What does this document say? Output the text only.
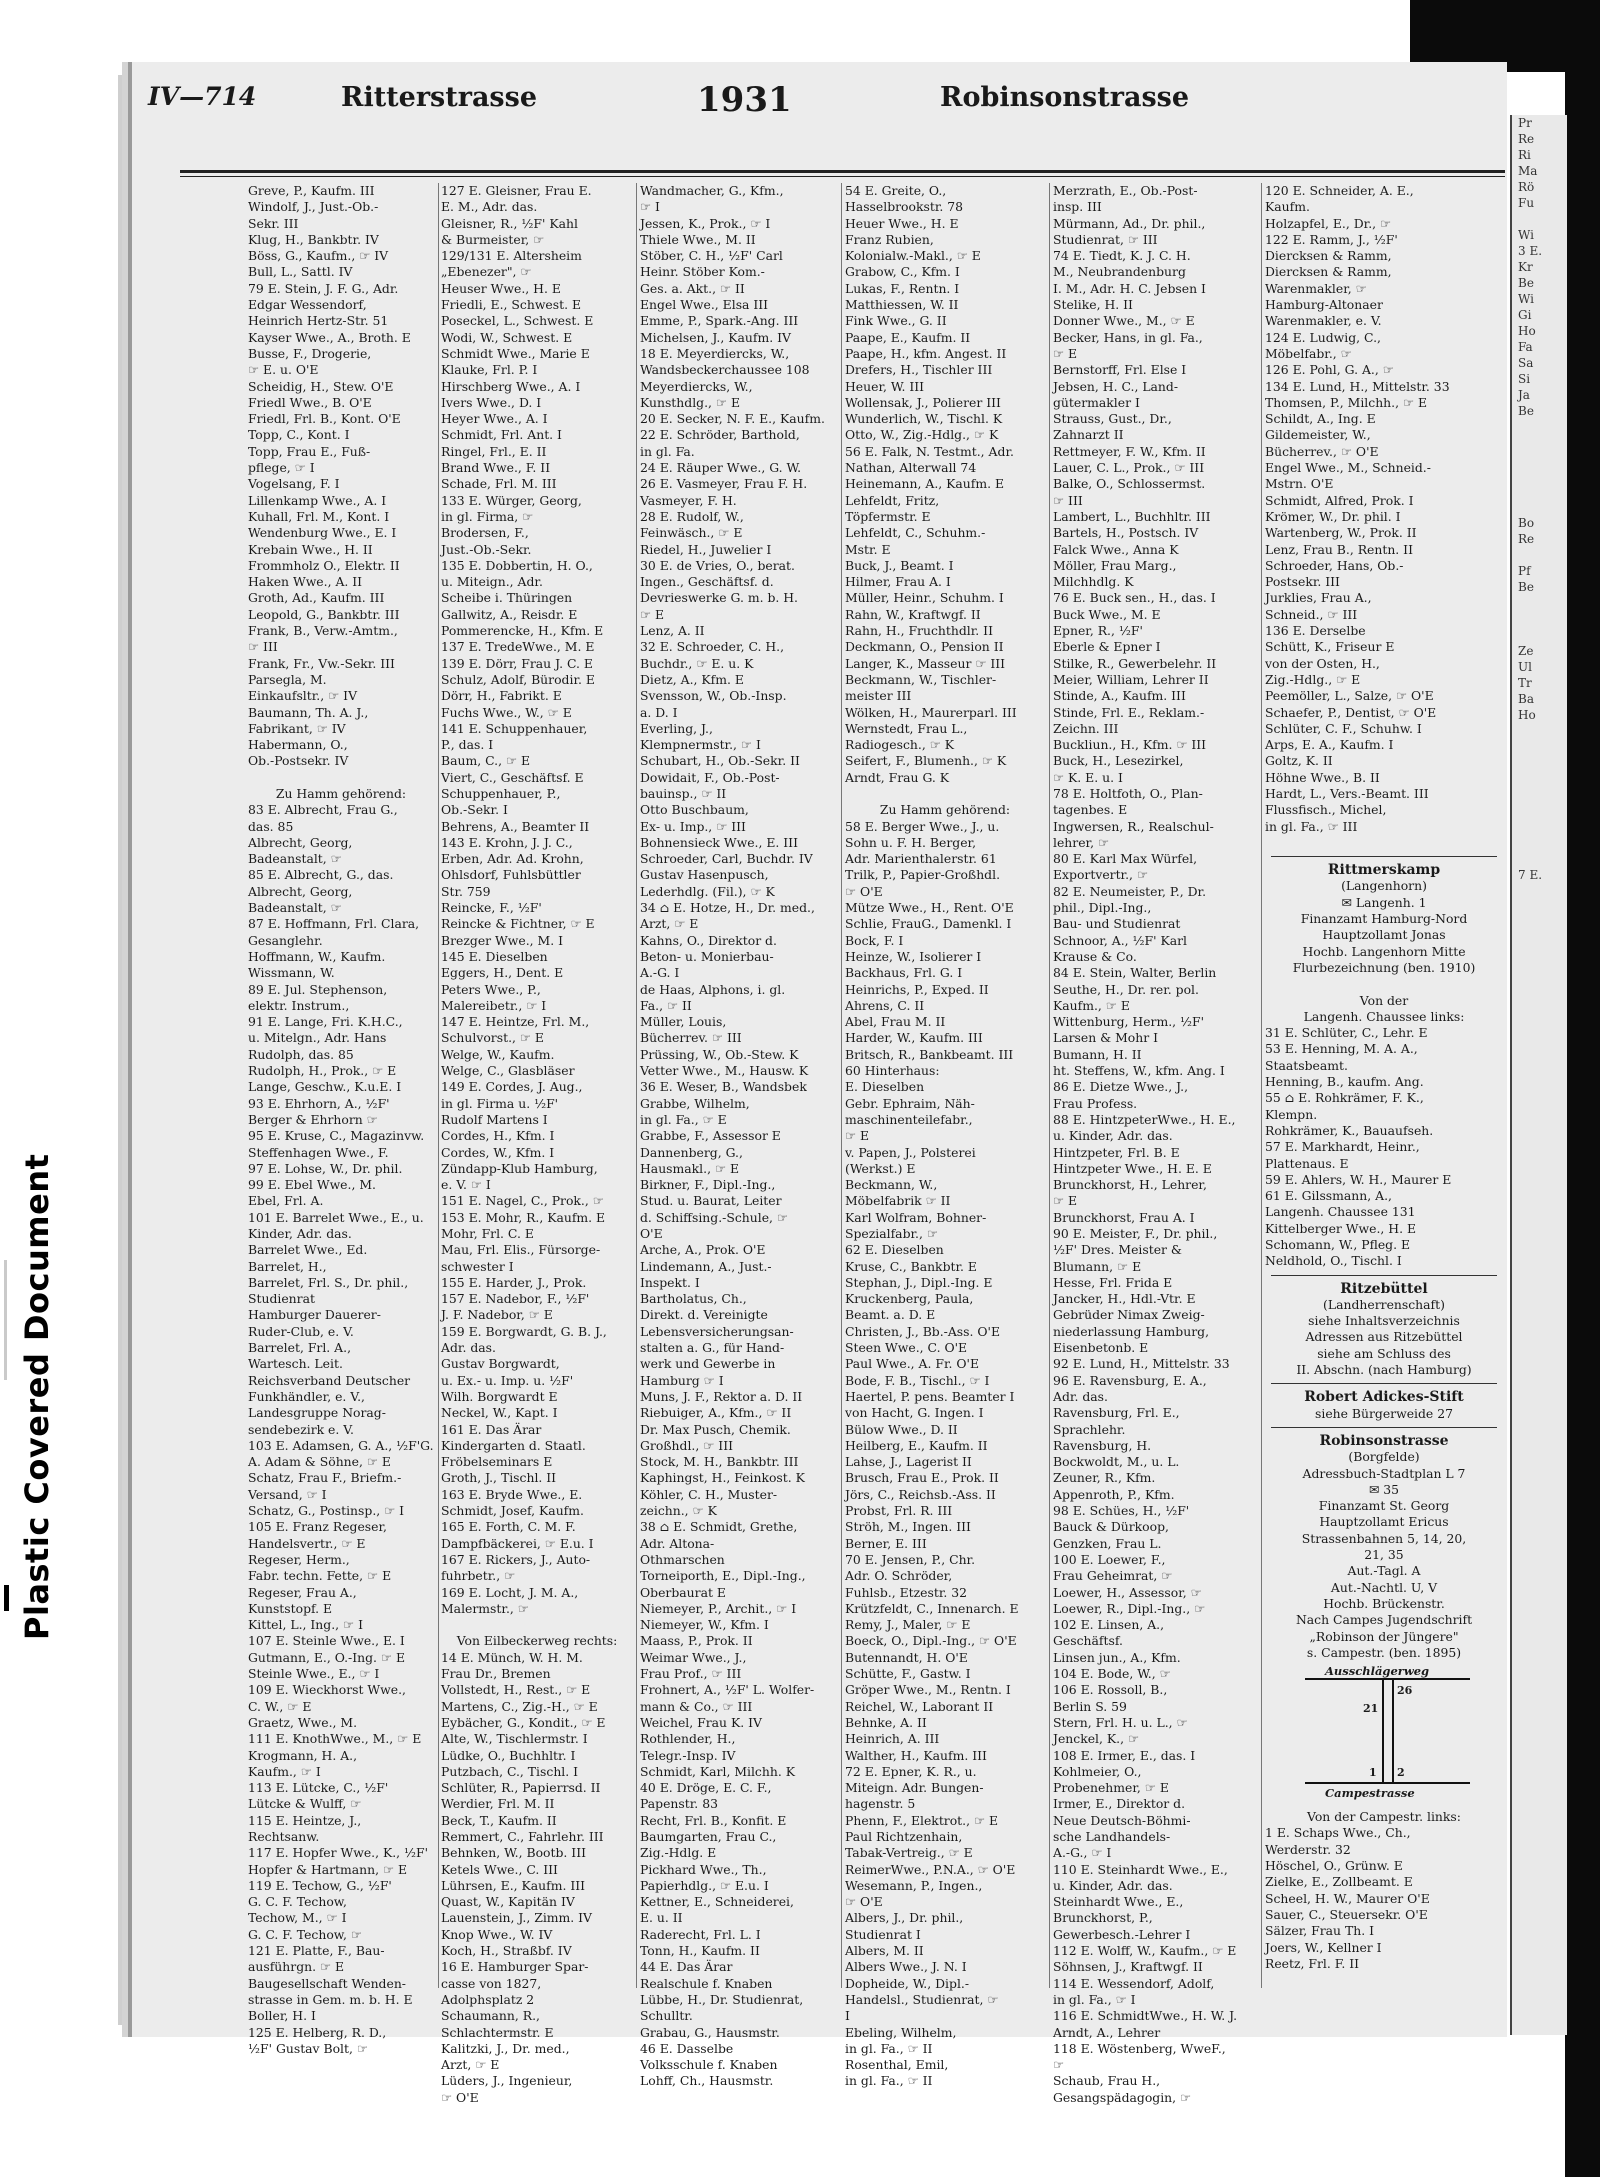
Plastic Covered Document
Pr
Re
Ri
Ma
Rö
Fu

Wi
3 E.
Kr
Be
Wi
Gi
Ho
Fa
Sa
Si
Ja
Be

Bo
Re

Pf
Be

Ze
Ul
Tr
Ba
Ho

7 E.
IV—714	Ritterstrasse	1931	Robinsonstrasse
Greve, P., Kaufm. III
Windolf, J., Just.-Ob.-
Sekr. III
Klug, H., Bankbtr. IV
Böss, G., Kaufm., ☞ IV
Bull, L., Sattl. IV
79 E. Stein, J. F. G., Adr.
Edgar Wessendorf,
Heinrich Hertz-Str. 51
Kayser Wwe., A., Broth. E
Busse, F., Drogerie,
☞ E. u. O'E
Scheidig, H., Stew. O'E
Friedl Wwe., B. O'E
Friedl, Frl. B., Kont. O'E
Topp, C., Kont. I
Topp, Frau E., Fuß-
pflege, ☞ I
Vogelsang, F. I
Lillenkamp Wwe., A. I
Kuhall, Frl. M., Kont. I
Wendenburg Wwe., E. I
Krebain Wwe., H. II
Frommholz O., Elektr. II
Haken Wwe., A. II
Groth, Ad., Kaufm. III
Leopold, G., Bankbtr. III
Frank, B., Verw.-Amtm.,
☞ III
Frank, Fr., Vw.-Sekr. III
Parsegla, M.
Einkaufsltr., ☞ IV
Baumann, Th. A. J.,
Fabrikant, ☞ IV
Habermann, O.,
Ob.-Postsekr. IV

Zu Hamm gehörend:
83 E. Albrecht, Frau G.,
das. 85
Albrecht, Georg,
Badeanstalt, ☞
85 E. Albrecht, G., das.
Albrecht, Georg,
Badeanstalt, ☞
87 E. Hoffmann, Frl. Clara,
Gesanglehr.
Hoffmann, W., Kaufm.
Wissmann, W.
89 E. Jul. Stephenson,
elektr. Instrum.,
91 E. Lange, Fri. K.H.C.,
u. Mitelgn., Adr. Hans
Rudolph, das. 85
Rudolph, H., Prok., ☞ E
Lange, Geschw., K.u.E. I
93 E. Ehrhorn, A., ½F'
Berger & Ehrhorn ☞
95 E. Kruse, C., Magazinvw.
Steffenhagen Wwe., F.
97 E. Lohse, W., Dr. phil.
99 E. Ebel Wwe., M.
Ebel, Frl. A.
101 E. Barrelet Wwe., E., u.
Kinder, Adr. das.
Barrelet Wwe., Ed.
Barrelet, H.,
Barrelet, Frl. S., Dr. phil.,
Studienrat
Hamburger Dauerer-
Ruder-Club, e. V.
Barrelet, Frl. A.,
Wartesch. Leit.
Reichsverband Deutscher
Funkhändler, e. V.,
Landesgruppe Norag-
sendebezirk e. V.
103 E. Adamsen, G. A., ½F'G.
A. Adam & Söhne, ☞ E
Schatz, Frau F., Briefm.-
Versand, ☞ I
Schatz, G., Postinsp., ☞ I
105 E. Franz Regeser,
Handelsvertr., ☞ E
Regeser, Herm.,
Fabr. techn. Fette, ☞ E
Regeser, Frau A.,
Kunststopf. E
Kittel, L., Ing., ☞ I
107 E. Steinle Wwe., E. I
Gutmann, E., O.-Ing. ☞ E
Steinle Wwe., E., ☞ I
109 E. Wieckhorst Wwe.,
C. W., ☞ E
Graetz, Wwe., M.
111 E. KnothWwe., M., ☞ E
Krogmann, H. A.,
Kaufm., ☞ I
113 E. Lütcke, C., ½F'
Lütcke & Wulff, ☞
115 E. Heintze, J.,
Rechtsanw.
117 E. Hopfer Wwe., K., ½F'
Hopfer & Hartmann, ☞ E
119 E. Techow, G., ½F'
G. C. F. Techow,
Techow, M., ☞ I
G. C. F. Techow, ☞
121 E. Platte, F., Bau-
ausführgn. ☞ E
Baugesellschaft Wenden-
strasse in Gem. m. b. H. E
Boller, H. I
125 E. Helberg, R. D.,
½F' Gustav Bolt, ☞
127 E. Gleisner, Frau E.
E. M., Adr. das.
Gleisner, R., ½F' Kahl
& Burmeister, ☞
129/131 E. Altersheim
„Ebenezer", ☞
Heuser Wwe., H. E
Friedli, E., Schwest. E
Poseckel, L., Schwest. E
Wodi, W., Schwest. E
Schmidt Wwe., Marie E
Klauke, Frl. P. I
Hirschberg Wwe., A. I
Ivers Wwe., D. I
Heyer Wwe., A. I
Schmidt, Frl. Ant. I
Ringel, Frl., E. II
Brand Wwe., F. II
Schade, Frl. M. III
133 E. Würger, Georg,
in gl. Firma, ☞
Brodersen, F.,
Just.-Ob.-Sekr.
135 E. Dobbertin, H. O.,
u. Miteign., Adr.
Scheibe i. Thüringen
Gallwitz, A., Reisdr. E
Pommerencke, H., Kfm. E
137 E. TredeWwe., M. E
139 E. Dörr, Frau J. C. E
Schulz, Adolf, Bürodir. E
Dörr, H., Fabrikt. E
Fuchs Wwe., W., ☞ E
141 E. Schuppenhauer,
P., das. I
Baum, C., ☞ E
Viert, C., Geschäftsf. E
Schuppenhauer, P.,
Ob.-Sekr. I
Behrens, A., Beamter II
143 E. Krohn, J. J. C.,
Erben, Adr. Ad. Krohn,
Ohlsdorf, Fuhlsbüttler
Str. 759
Reincke, F., ½F'
Reincke & Fichtner, ☞ E
Brezger Wwe., M. I
145 E. Dieselben
Eggers, H., Dent. E
Peters Wwe., P.,
Malereibetr., ☞ I
147 E. Heintze, Frl. M.,
Schulvorst., ☞ E
Welge, W., Kaufm.
Welge, C., Glasbläser
149 E. Cordes, J. Aug.,
in gl. Firma u. ½F'
Rudolf Martens I
Cordes, H., Kfm. I
Cordes, W., Kfm. I
Zündapp-Klub Hamburg,
e. V. ☞ I
151 E. Nagel, C., Prok., ☞
153 E. Mohr, R., Kaufm. E
Mohr, Frl. C. E
Mau, Frl. Elis., Fürsorge-
schwester I
155 E. Harder, J., Prok.
157 E. Nadebor, F., ½F'
J. F. Nadebor, ☞ E
159 E. Borgwardt, G. B. J.,
Adr. das.
Gustav Borgwardt,
u. Ex.- u. Imp. u. ½F'
Wilh. Borgwardt E
Neckel, W., Kapt. I
161 E. Das Ärar
Kindergarten d. Staatl.
Fröbelseminars E
Groth, J., Tischl. II
163 E. Bryde Wwe., E.
Schmidt, Josef, Kaufm.
165 E. Forth, C. M. F.
Dampfbäckerei, ☞ E.u. I
167 E. Rickers, J., Auto-
fuhrbetr., ☞
169 E. Locht, J. M. A.,
Malermstr., ☞

Von Eilbeckerweg rechts:
14 E. Münch, W. H. M.
Frau Dr., Bremen
Vollstedt, H., Rest., ☞ E
Martens, C., Zig.-H., ☞ E
Eybächer, G., Kondit., ☞ E
Alte, W., Tischlermstr. I
Lüdke, O., Buchhltr. I
Putzbach, C., Tischl. I
Schlüter, R., Papierrsd. II
Werdier, Frl. M. II
Beck, T., Kaufm. II
Remmert, C., Fahrlehr. III
Behnken, W., Bootb. III
Ketels Wwe., C. III
Lührsen, E., Kaufm. III
Quast, W., Kapitän IV
Lauenstein, J., Zimm. IV
Knop Wwe., W. IV
Koch, H., Straßbf. IV
16 E. Hamburger Spar-
casse von 1827,
Adolphsplatz 2
Schaumann, R.,
Schlachtermstr. E
Kalitzki, J., Dr. med.,
Arzt, ☞ E
Lüders, J., Ingenieur,
☞ O'E
Wandmacher, G., Kfm.,
☞ I
Jessen, K., Prok., ☞ I
Thiele Wwe., M. II
Stöber, C. H., ½F' Carl
Heinr. Stöber Kom.-
Ges. a. Akt., ☞ II
Engel Wwe., Elsa III
Emme, P., Spark.-Ang. III
Michelsen, J., Kaufm. IV
18 E. Meyerdiercks, W.,
Wandsbeckerchaussee 108
Meyerdiercks, W.,
Kunsthdlg., ☞ E
20 E. Secker, N. F. E., Kaufm.
22 E. Schröder, Barthold,
in gl. Fa.
24 E. Räuper Wwe., G. W.
26 E. Vasmeyer, Frau F. H.
Vasmeyer, F. H.
28 E. Rudolf, W.,
Feinwäsch., ☞ E
Riedel, H., Juwelier I
30 E. de Vries, O., berat.
Ingen., Geschäftsf. d.
Devrieswerke G. m. b. H.
☞ E
Lenz, A. II
32 E. Schroeder, C. H.,
Buchdr., ☞ E. u. K
Dietz, A., Kfm. E
Svensson, W., Ob.-Insp.
a. D. I
Everling, J.,
Klempnermstr., ☞ I
Schubart, H., Ob.-Sekr. II
Dowidait, F., Ob.-Post-
bauinsp., ☞ II
Otto Buschbaum,
Ex- u. Imp., ☞ III
Bohnensieck Wwe., E. III
Schroeder, Carl, Buchdr. IV
Gustav Hasenpusch,
Lederhdlg. (Fil.), ☞ K
34 ⌂ E. Hotze, H., Dr. med.,
Arzt, ☞ E
Kahns, O., Direktor d.
Beton- u. Monierbau-
A.-G. I
de Haas, Alphons, i. gl.
Fa., ☞ II
Müller, Louis,
Bücherrev. ☞ III
Prüssing, W., Ob.-Stew. K
Vetter Wwe., M., Hausw. K
36 E. Weser, B., Wandsbek
Grabbe, Wilhelm,
in gl. Fa., ☞ E
Grabbe, F., Assessor E
Dannenberg, G.,
Hausmakl., ☞ E
Birkner, F., Dipl.-Ing.,
Stud. u. Baurat, Leiter
d. Schiffsing.-Schule, ☞
O'E
Arche, A., Prok. O'E
Lindemann, A., Just.-
Inspekt. I
Bartholatus, Ch.,
Direkt. d. Vereinigte
Lebensversicherungsan-
stalten a. G., für Hand-
werk und Gewerbe in
Hamburg ☞ I
Muns, J. F., Rektor a. D. II
Riebuiger, A., Kfm., ☞ II
Dr. Max Pusch, Chemik.
Großhdl., ☞ III
Stock, M. H., Bankbtr. III
Kaphingst, H., Feinkost. K
Köhler, C. H., Muster-
zeichn., ☞ K
38 ⌂ E. Schmidt, Grethe,
Adr. Altona-
Othmarschen
Torneiporth, E., Dipl.-Ing.,
Oberbaurat E
Niemeyer, P., Archit., ☞ I
Niemeyer, W., Kfm. I
Maass, P., Prok. II
Weimar Wwe., J.,
Frau Prof., ☞ III
Frohnert, A., ½F' L. Wolfer-
mann & Co., ☞ III
Weichel, Frau K. IV
Rothlender, H.,
Telegr.-Insp. IV
Schmidt, Karl, Milchh. K
40 E. Dröge, E. C. F.,
Papenstr. 83
Recht, Frl. B., Konfit. E
Baumgarten, Frau C.,
Zig.-Hdlg. E
Pickhard Wwe., Th.,
Papierhdlg., ☞ E.u. I
Kettner, E., Schneiderei,
E. u. II
Raderecht, Frl. L. I
Tonn, H., Kaufm. II
44 E. Das Ärar
Realschule f. Knaben
Lübbe, H., Dr. Studienrat,
Schulltr.
Grabau, G., Hausmstr.
46 E. Dasselbe
Volksschule f. Knaben
Lohff, Ch., Hausmstr.
54 E. Greite, O.,
Hasselbrookstr. 78
Heuer Wwe., H. E
Franz Rubien,
Kolonialw.-Makl., ☞ E
Grabow, C., Kfm. I
Lukas, F., Rentn. I
Matthiessen, W. II
Fink Wwe., G. II
Paape, E., Kaufm. II
Paape, H., kfm. Angest. II
Drefers, H., Tischler III
Heuer, W. III
Wollensak, J., Polierer III
Wunderlich, W., Tischl. K
Otto, W., Zig.-Hdlg., ☞ K
56 E. Falk, N. Testmt., Adr.
Nathan, Alterwall 74
Heinemann, A., Kaufm. E
Lehfeldt, Fritz,
Töpfermstr. E
Lehfeldt, C., Schuhm.-
Mstr. E
Buck, J., Beamt. I
Hilmer, Frau A. I
Müller, Heinr., Schuhm. I
Rahn, W., Kraftwgf. II
Rahn, H., Fruchthdlr. II
Deckmann, O., Pension II
Langer, K., Masseur ☞ III
Beckmann, W., Tischler-
meister III
Wölken, H., Maurerparl. III
Wernstedt, Frau L.,
Radiogesch., ☞ K
Seifert, F., Blumenh., ☞ K
Arndt, Frau G. K

Zu Hamm gehörend:
58 E. Berger Wwe., J., u.
Sohn u. F. H. Berger,
Adr. Marienthalerstr. 61
Trilk, P., Papier-Großhdl.
☞ O'E
Mütze Wwe., H., Rent. O'E
Schlie, FrauG., Damenkl. I
Bock, F. I
Heinze, W., Isolierer I
Backhaus, Frl. G. I
Heinrichs, P., Exped. II
Ahrens, C. II
Abel, Frau M. II
Harder, W., Kaufm. III
Britsch, R., Bankbeamt. III
60 Hinterhaus:
E. Dieselben
Gebr. Ephraim, Näh-
maschinenteilefabr.,
☞ E
v. Papen, J., Polsterei
(Werkst.) E
Beckmann, W.,
Möbelfabrik ☞ II
Karl Wolfram, Bohner-
Spezialfabr., ☞
62 E. Dieselben
Kruse, C., Bankbtr. E
Stephan, J., Dipl.-Ing. E
Kruckenberg, Paula,
Beamt. a. D. E
Christen, J., Bb.-Ass. O'E
Steen Wwe., C. O'E
Paul Wwe., A. Fr. O'E
Bode, F. B., Tischl., ☞ I
Haertel, P. pens. Beamter I
von Hacht, G. Ingen. I
Bülow Wwe., D. II
Heilberg, E., Kaufm. II
Lahse, J., Lagerist II
Brusch, Frau E., Prok. II
Jörs, C., Reichsb.-Ass. II
Probst, Frl. R. III
Ströh, M., Ingen. III
Berner, E. III
70 E. Jensen, P., Chr.
Adr. O. Schröder,
Fuhlsb., Etzestr. 32
Krützfeldt, C., Innenarch. E
Remy, J., Maler, ☞ E
Boeck, O., Dipl.-Ing., ☞ O'E
Butennandt, H. O'E
Schütte, F., Gastw. I
Gröper Wwe., M., Rentn. I
Reichel, W., Laborant II
Behnke, A. II
Heinrich, A. III
Walther, H., Kaufm. III
72 E. Epner, K. R., u.
Miteign. Adr. Bungen-
hagenstr. 5
Phenn, F., Elektrot., ☞ E
Paul Richtzenhain,
Tabak-Vertreig., ☞ E
ReimerWwe., P.N.A., ☞ O'E
Wesemann, P., Ingen.,
☞ O'E
Albers, J., Dr. phil.,
Studienrat I
Albers, M. II
Albers Wwe., J. N. I
Dopheide, W., Dipl.-
Handelsl., Studienrat, ☞
I
Ebeling, Wilhelm,
in gl. Fa., ☞ II
Rosenthal, Emil,
in gl. Fa., ☞ II
Merzrath, E., Ob.-Post-
insp. III
Mürmann, Ad., Dr. phil.,
Studienrat, ☞ III
74 E. Tiedt, K. J. C. H.
M., Neubrandenburg
I. M., Adr. H. C. Jebsen I
Stelike, H. II
Donner Wwe., M., ☞ E
Becker, Hans, in gl. Fa.,
☞ E
Bernstorff, Frl. Else I
Jebsen, H. C., Land-
gütermakler I
Strauss, Gust., Dr.,
Zahnarzt II
Rettmeyer, F. W., Kfm. II
Lauer, C. L., Prok., ☞ III
Balke, O., Schlossermst.
☞ III
Lambert, L., Buchhltr. III
Bartels, H., Postsch. IV
Falck Wwe., Anna K
Möller, Frau Marg.,
Milchhdlg. K
76 E. Buck sen., H., das. I
Buck Wwe., M. E
Epner, R., ½F'
Eberle & Epner I
Stilke, R., Gewerbelehr. II
Meier, William, Lehrer II
Stinde, A., Kaufm. III
Stinde, Frl. E., Reklam.-
Zeichn. III
Buckliun., H., Kfm. ☞ III
Buck, H., Lesezirkel,
☞ K. E. u. I
78 E. Holtfoth, O., Plan-
tagenbes. E
Ingwersen, R., Realschul-
lehrer, ☞
80 E. Karl Max Würfel,
Exportvertr., ☞
82 E. Neumeister, P., Dr.
phil., Dipl.-Ing.,
Bau- und Studienrat
Schnoor, A., ½F' Karl
Krause & Co.
84 E. Stein, Walter, Berlin
Seuthe, H., Dr. rer. pol.
Kaufm., ☞ E
Wittenburg, Herm., ½F'
Larsen & Mohr I
Bumann, H. II
ht. Steffens, W., kfm. Ang. I
86 E. Dietze Wwe., J.,
Frau Profess.
88 E. HintzpeterWwe., H. E.,
u. Kinder, Adr. das.
Hintzpeter, Frl. B. E
Hintzpeter Wwe., H. E. E
Brunckhorst, H., Lehrer,
☞ E
Brunckhorst, Frau A. I
90 E. Meister, F., Dr. phil.,
½F' Dres. Meister &
Blumann, ☞ E
Hesse, Frl. Frida E
Jancker, H., Hdl.-Vtr. E
Gebrüder Nimax Zweig-
niederlassung Hamburg,
Eisenbetonb. E
92 E. Lund, H., Mittelstr. 33
96 E. Ravensburg, E. A.,
Adr. das.
Ravensburg, Frl. E.,
Sprachlehr.
Ravensburg, H.
Bockwoldt, M., u. L.
Zeuner, R., Kfm.
Appenroth, P., Kfm.
98 E. Schües, H., ½F'
Bauck & Dürkoop,
Genzken, Frau L.
100 E. Loewer, F.,
Frau Geheimrat, ☞
Loewer, H., Assessor, ☞
Loewer, R., Dipl.-Ing., ☞
102 E. Linsen, A.,
Geschäftsf.
Linsen jun., A., Kfm.
104 E. Bode, W., ☞
106 E. Rossoll, B.,
Berlin S. 59
Stern, Frl. H. u. L., ☞
Jenckel, K., ☞
108 E. Irmer, E., das. I
Kohlmeier, O.,
Probenehmer, ☞ E
Irmer, E., Direktor d.
Neue Deutsch-Böhmi-
sche Landhandels-
A.-G., ☞ I
110 E. Steinhardt Wwe., E.,
u. Kinder, Adr. das.
Steinhardt Wwe., E.,
Brunckhorst, P.,
Gewerbesch.-Lehrer I
112 E. Wolff, W., Kaufm., ☞ E
Söhnsen, J., Kraftwgf. II
114 E. Wessendorf, Adolf,
in gl. Fa., ☞ I
116 E. SchmidtWwe., H. W. J.
Arndt, A., Lehrer
118 E. Wöstenberg, WweF.,
☞
Schaub, Frau H.,
Gesangspädagogin, ☞
120 E. Schneider, A. E.,
Kaufm.
Holzapfel, E., Dr., ☞
122 E. Ramm, J., ½F'
Diercksen & Ramm,
Diercksen & Ramm,
Warenmakler, ☞
Hamburg-Altonaer
Warenmakler, e. V.
124 E. Ludwig, C.,
Möbelfabr., ☞
126 E. Pohl, G. A., ☞
134 E. Lund, H., Mittelstr. 33
Thomsen, P., Milchh., ☞ E
Schildt, A., Ing. E
Gildemeister, W.,
Bücherrev., ☞ O'E
Engel Wwe., M., Schneid.-
Mstrn. O'E
Schmidt, Alfred, Prok. I
Krömer, W., Dr. phil. I
Wartenberg, W., Prok. II
Lenz, Frau B., Rentn. II
Schroeder, Hans, Ob.-
Postsekr. III
Jurklies, Frau A.,
Schneid., ☞ III
136 E. Derselbe
Schütt, K., Friseur E
von der Osten, H.,
Zig.-Hdlg., ☞ E
Peemöller, L., Salze, ☞ O'E
Schaefer, P., Dentist, ☞ O'E
Schlüter, C. F., Schuhw. I
Arps, E. A., Kaufm. I
Goltz, K. II
Höhne Wwe., B. II
Hardt, L., Vers.-Beamt. III
Flussfisch., Michel,
in gl. Fa., ☞ III

Rittmerskamp
(Langenhorn)
✉ Langenh. 1
Finanzamt Hamburg-Nord
Hauptzollamt Jonas
Hochb. Langenhorn Mitte
Flurbezeichnung (ben. 1910)

Von der
Langenh. Chaussee links:
31 E. Schlüter, C., Lehr. E
53 E. Henning, M. A. A.,
Staatsbeamt.
Henning, B., kaufm. Ang.
55 ⌂ E. Rohkrämer, F. K.,
Klempn.
Rohkrämer, K., Bauaufseh.
57 E. Markhardt, Heinr.,
Plattenaus. E
59 E. Ahlers, W. H., Maurer E
61 E. Gilssmann, A.,
Langenh. Chaussee 131
Kittelberger Wwe., H. E
Schomann, W., Pfleg. E
Neldhold, O., Tischl. I
Ritzebüttel
(Landherrenschaft)
siehe Inhaltsverzeichnis
Adressen aus Ritzebüttel
siehe am Schluss des
II. Abschn. (nach Hamburg)
Robert Adickes-Stift
siehe Bürgerweide 27
Robinsonstrasse
(Borgfelde)
Adressbuch-Stadtplan L 7
✉ 35
Finanzamt St. Georg
Hauptzollamt Ericus
Strassenbahnen 5, 14, 20,
21, 35
Aut.-Tagl. A
Aut.-Nachtl. U, V
Hochb. Brückenstr.
Nach Campes Jugendschrift
„Robinson der Jüngere"
s. Campestr. (ben. 1895)
Ausschlägerweg
Campestrasse
21
26
1 2
Von der Campestr. links:
1 E. Schaps Wwe., Ch.,
Werderstr. 32
Höschel, O., Grünw. E
Zielke, E., Zollbeamt. E
Scheel, H. W., Maurer O'E
Sauer, C., Steuersekr. O'E
Sälzer, Frau Th. I
Joers, W., Kellner I
Reetz, Frl. F. II
